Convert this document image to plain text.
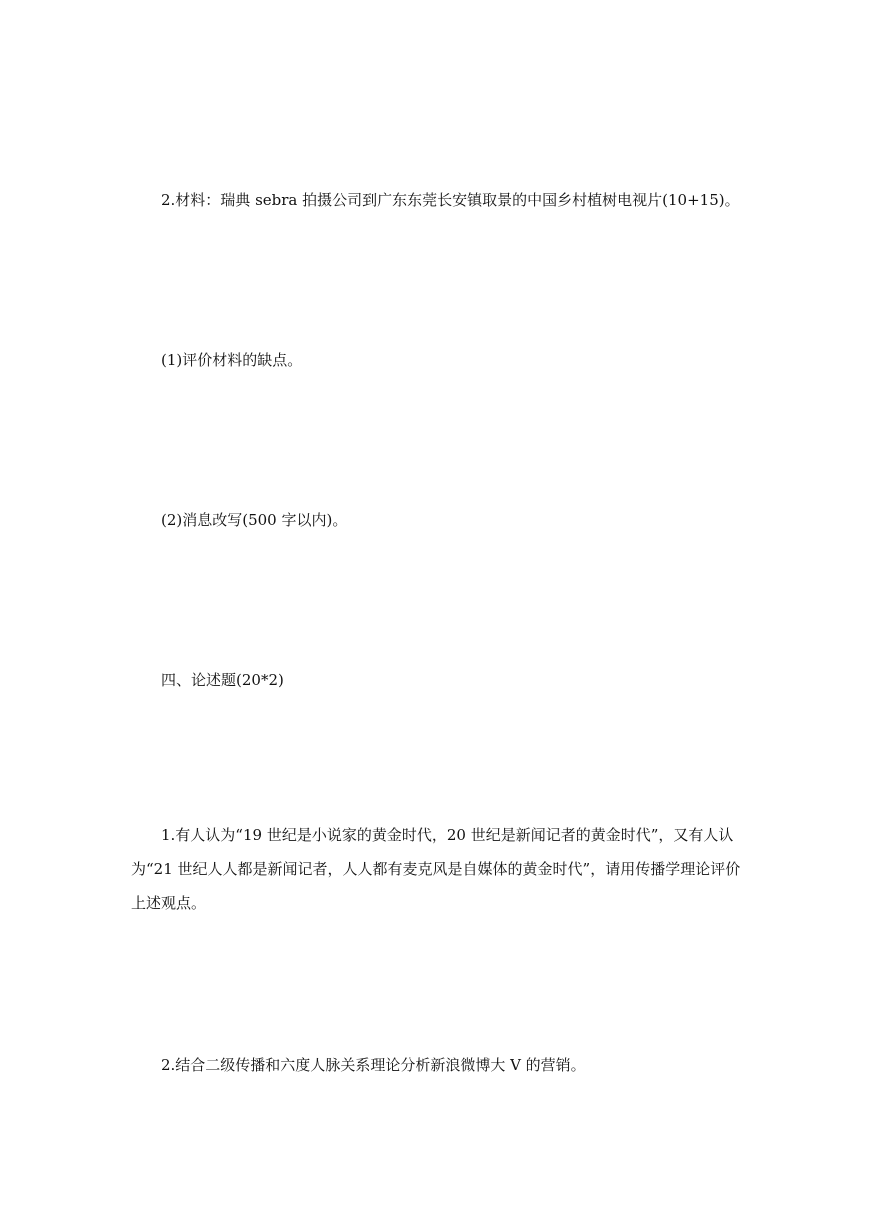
2.材料：瑞典 sebra 拍摄公司到广东东莞长安镇取景的中国乡村植树电视片(10+15)。

(1)评价材料的缺点。

(2)消息改写(500 字以内)。

四、论述题(20*2)

1.有人认为“19 世纪是小说家的黄金时代，20 世纪是新闻记者的黄金时代”，又有人认为“21 世纪人人都是新闻记者，人人都有麦克风是自媒体的黄金时代”，请用传播学理论评价上述观点。

2.结合二级传播和六度人脉关系理论分析新浪微博大 V 的营销。
